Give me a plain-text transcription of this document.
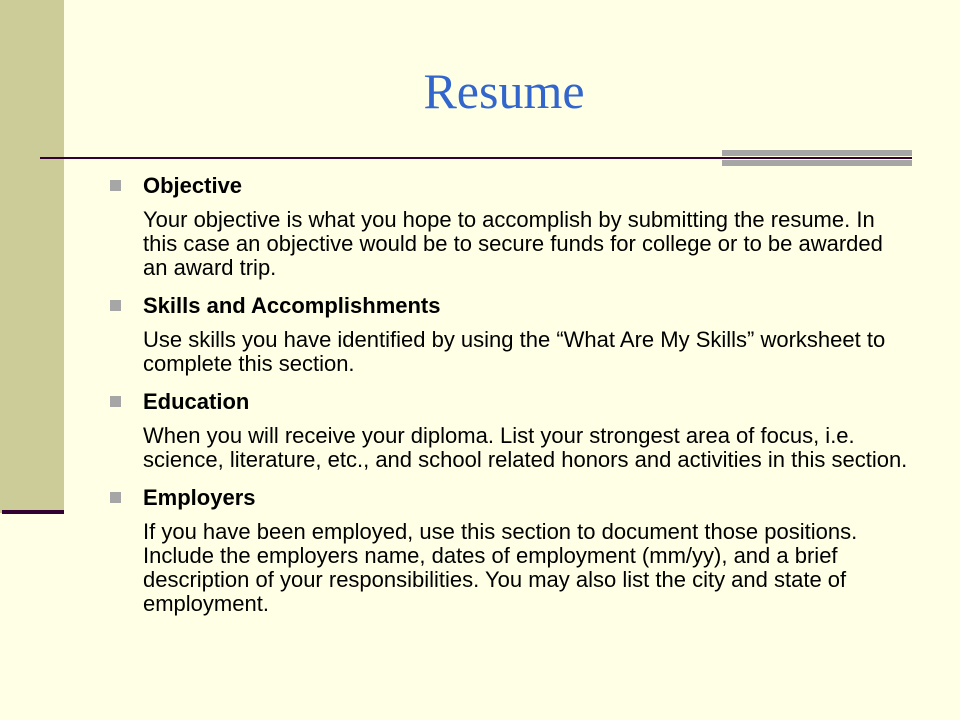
Resume
Objective
Your objective is what you hope to accomplish by submitting the resume. In this case an objective would be to secure funds for college or to be awarded an award trip.
Skills and Accomplishments
Use skills you have identified by using the “What Are My Skills” worksheet to complete this section.
Education
When you will receive your diploma. List your strongest area of focus, i.e. science, literature, etc., and school related honors and activities in this section.
Employers
If you have been employed, use this section to document those positions. Include the employers name, dates of employment (mm/yy), and a brief description of your responsibilities. You may also list the city and state of employment.
